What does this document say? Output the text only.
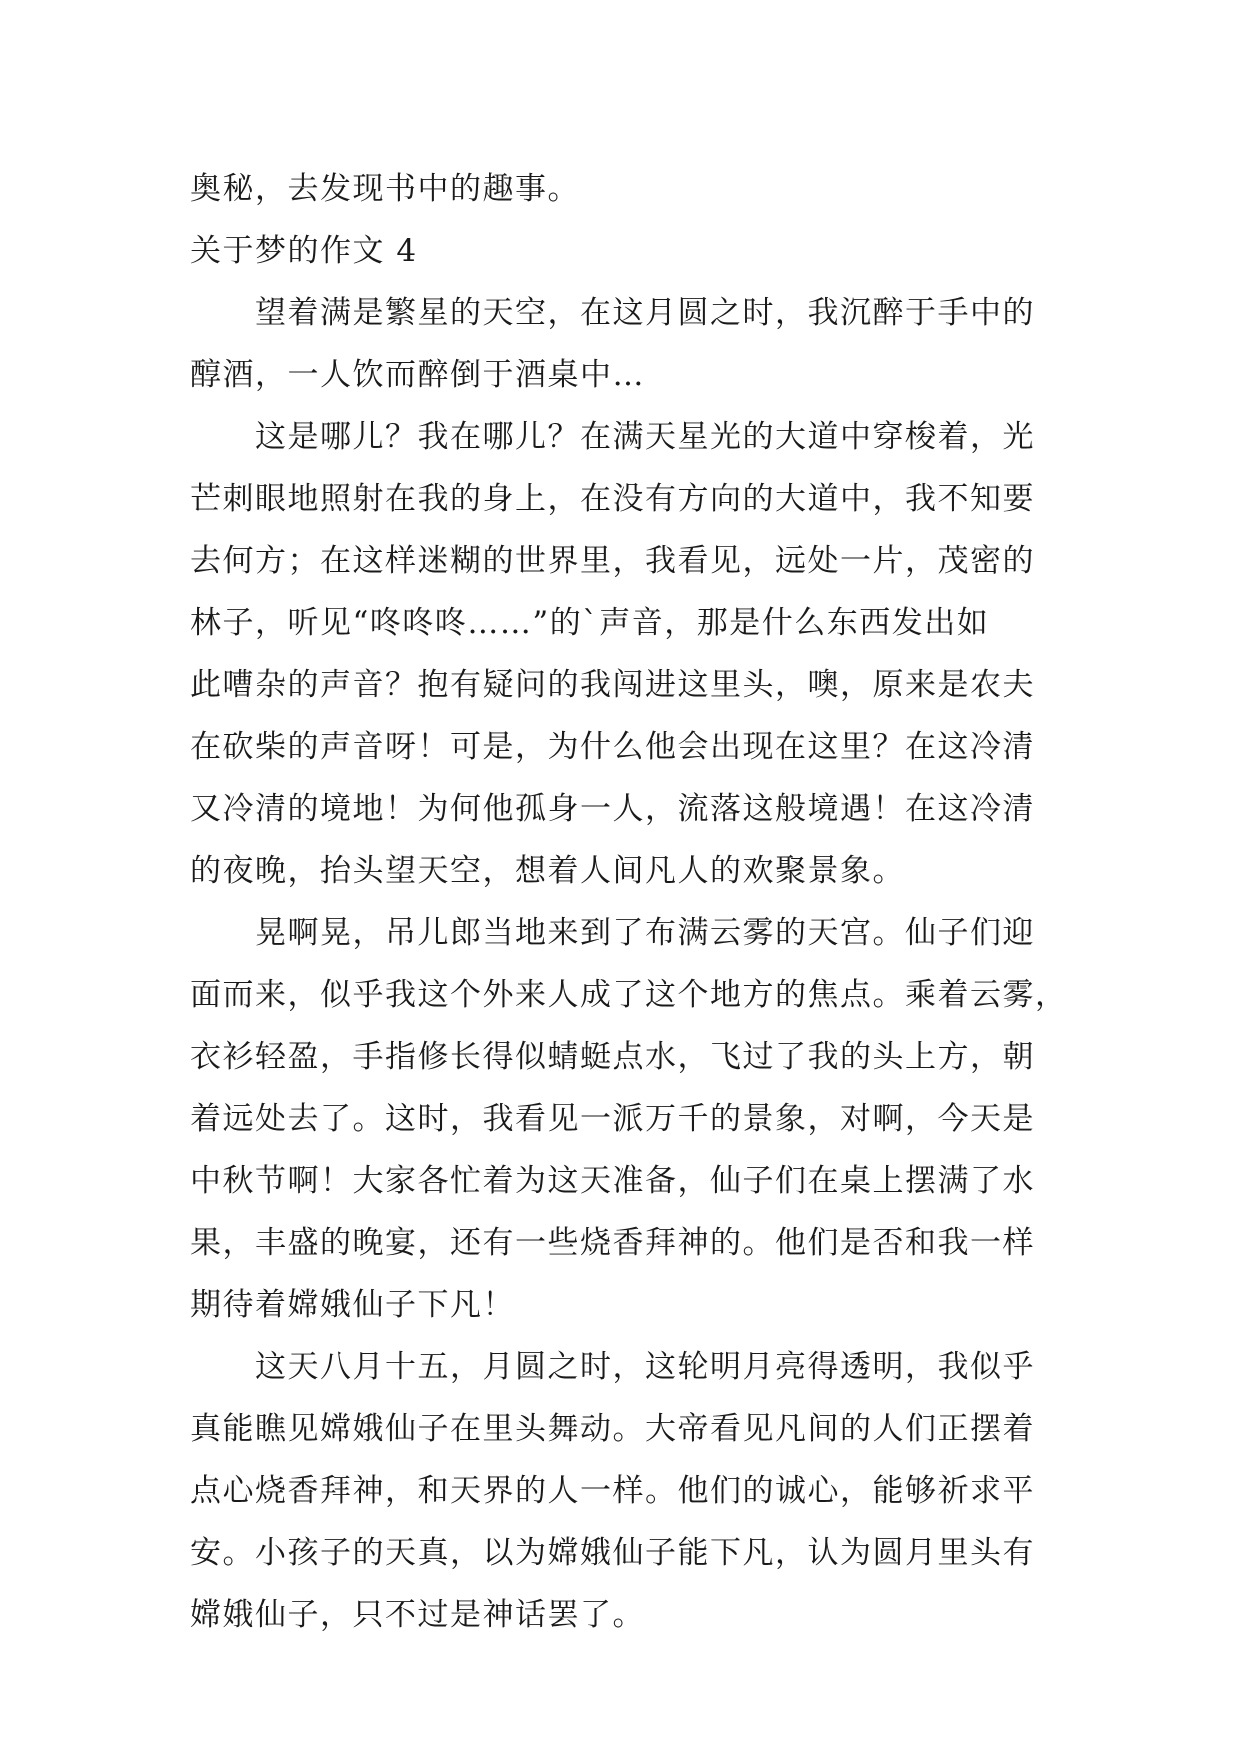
奥秘，去发现书中的趣事。
关于梦的作文 4
望着满是繁星的天空，在这月圆之时，我沉醉于手中的
醇酒，一人饮而醉倒于酒桌中…
这是哪儿？我在哪儿？在满天星光的大道中穿梭着，光
芒刺眼地照射在我的身上，在没有方向的大道中，我不知要
去何方；在这样迷糊的世界里，我看见，远处一片，茂密的
林子，听见“咚咚咚……”的`声音，那是什么东西发出如
此嘈杂的声音？抱有疑问的我闯进这里头，噢，原来是农夫
在砍柴的声音呀！可是，为什么他会出现在这里？在这冷清
又冷清的境地！为何他孤身一人，流落这般境遇！在这冷清
的夜晚，抬头望天空，想着人间凡人的欢聚景象。
晃啊晃，吊儿郎当地来到了布满云雾的天宫。仙子们迎
面而来，似乎我这个外来人成了这个地方的焦点。乘着云雾，
衣衫轻盈，手指修长得似蜻蜓点水，飞过了我的头上方，朝
着远处去了。这时，我看见一派万千的景象，对啊，今天是
中秋节啊！大家各忙着为这天准备，仙子们在桌上摆满了水
果，丰盛的晚宴，还有一些烧香拜神的。他们是否和我一样
期待着嫦娥仙子下凡！
这天八月十五，月圆之时，这轮明月亮得透明，我似乎
真能瞧见嫦娥仙子在里头舞动。大帝看见凡间的人们正摆着
点心烧香拜神，和天界的人一样。他们的诚心，能够祈求平
安。小孩子的天真，以为嫦娥仙子能下凡，认为圆月里头有
嫦娥仙子，只不过是神话罢了。
